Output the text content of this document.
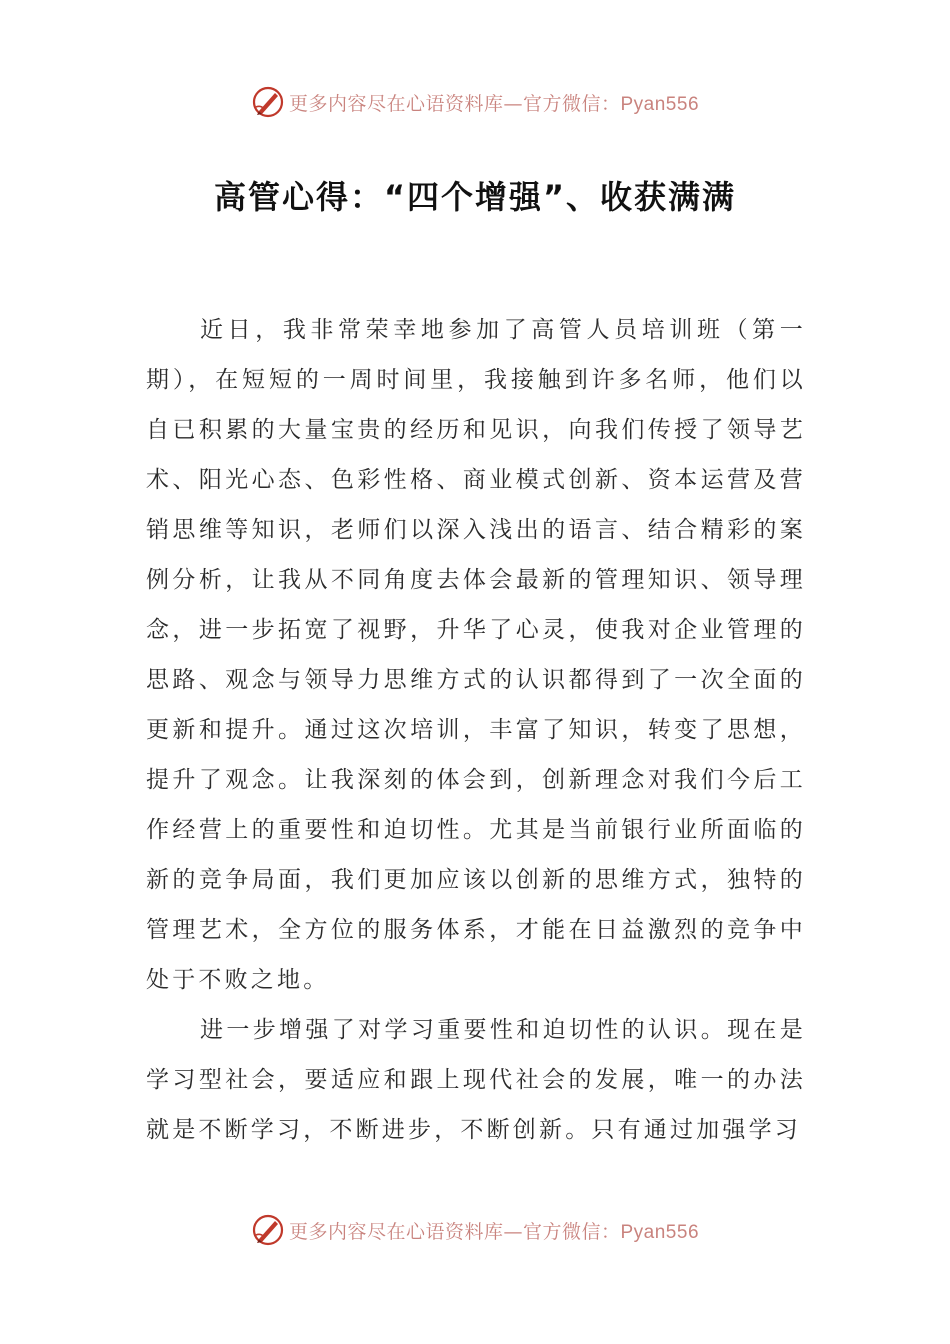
更多内容尽在心语资料库—官方微信：Pyan556
高管心得：“四个增强”、收获满满

近日，我非常荣幸地参加了高管人员培训班（第一期），在短短的一周时间里，我接触到许多名师，他们以自已积累的大量宝贵的经历和见识，向我们传授了领导艺术、阳光心态、色彩性格、商业模式创新、资本运营及营销思维等知识，老师们以深入浅出的语言、结合精彩的案例分析，让我从不同角度去体会最新的管理知识、领导理念，进一步拓宽了视野，升华了心灵，使我对企业管理的思路、观念与领导力思维方式的认识都得到了一次全面的更新和提升。通过这次培训，丰富了知识，转变了思想，提升了观念。让我深刻的体会到，创新理念对我们今后工作经营上的重要性和迫切性。尤其是当前银行业所面临的新的竞争局面，我们更加应该以创新的思维方式，独特的管理艺术，全方位的服务体系，才能在日益激烈的竞争中处于不败之地。

进一步增强了对学习重要性和迫切性的认识。现在是学习型社会，要适应和跟上现代社会的发展，唯一的办法就是不断学习，不断进步，不断创新。只有通过加强学习

更多内容尽在心语资料库—官方微信：Pyan556
